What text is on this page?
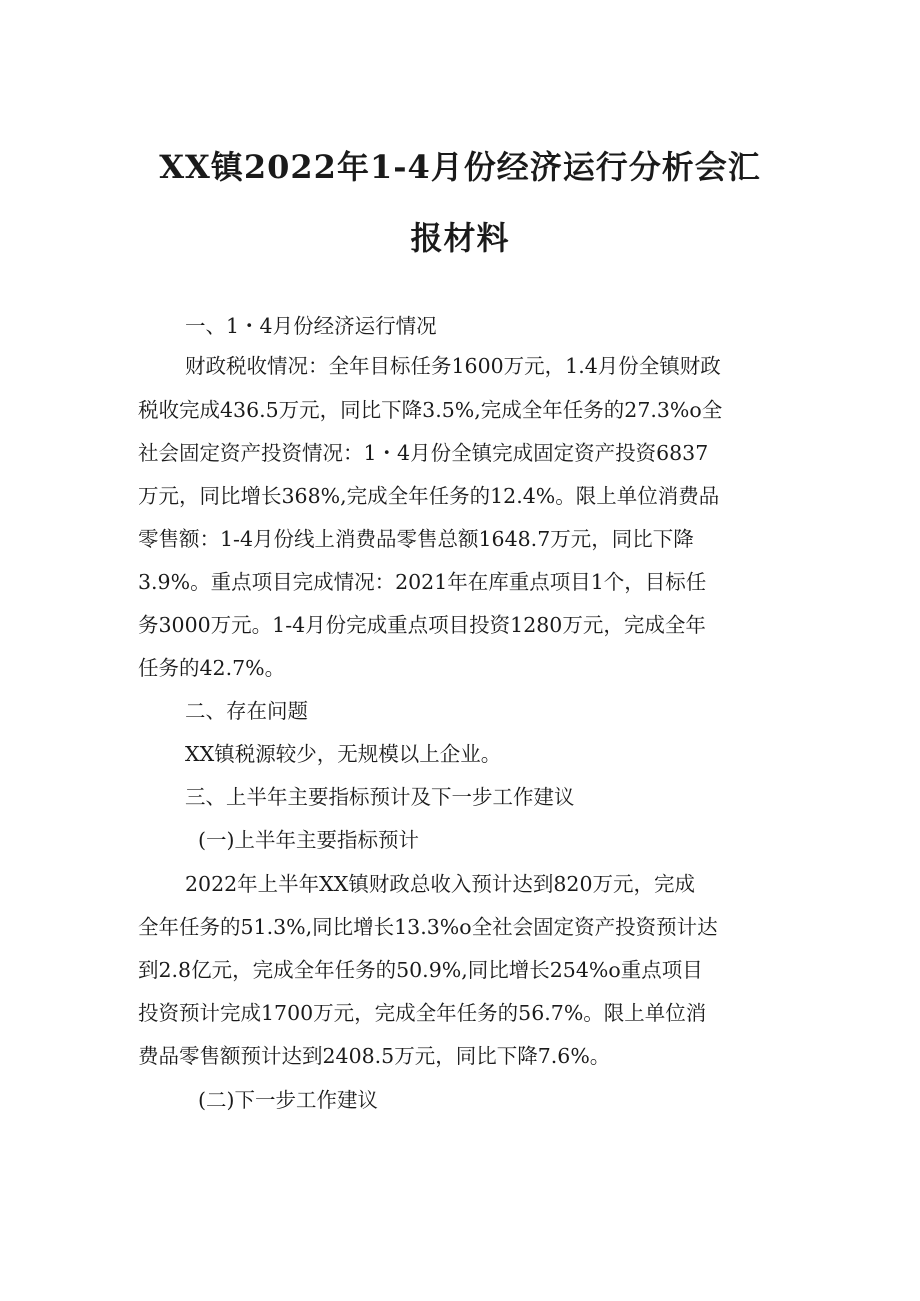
XX镇2022年1-4月份经济运行分析会汇
报材料
一、1・4月份经济运行情况
财政税收情况：全年目标任务1600万元，1.4月份全镇财政
税收完成436.5万元，同比下降3.5%,完成全年任务的27.3%o全
社会固定资产投资情况：1・4月份全镇完成固定资产投资6837
万元，同比增长368%,完成全年任务的12.4%。限上单位消费品
零售额：1-4月份线上消费品零售总额1648.7万元，同比下降
3.9%。重点项目完成情况：2021年在库重点项目1个，目标任
务3000万元。1-4月份完成重点项目投资1280万元，完成全年
任务的42.7%。
二、存在问题
XX镇税源较少，无规模以上企业。
三、上半年主要指标预计及下一步工作建议
(一)上半年主要指标预计
2022年上半年XX镇财政总收入预计达到820万元，完成
全年任务的51.3%,同比增长13.3%o全社会固定资产投资预计达
到2.8亿元，完成全年任务的50.9%,同比增长254%o重点项目
投资预计完成1700万元，完成全年任务的56.7%。限上单位消
费品零售额预计达到2408.5万元，同比下降7.6%。
(二)下一步工作建议
